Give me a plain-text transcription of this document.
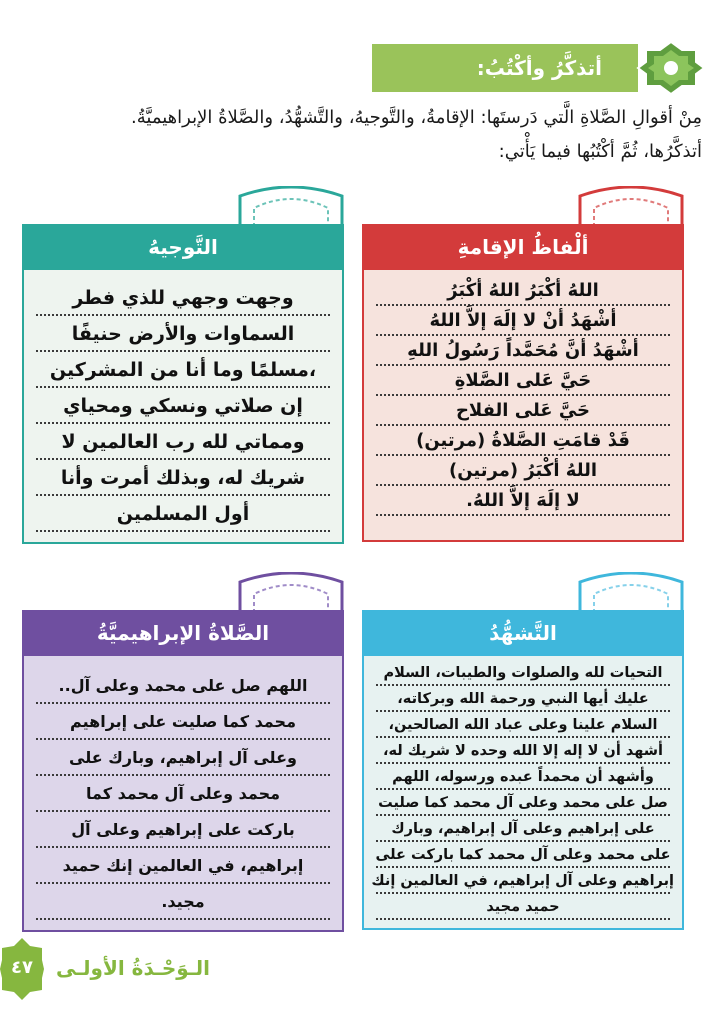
أتذكَّرُ وأكْتُبُ:
مِنْ أقوالِ الصَّلاةِ الَّتي دَرستَها: الإقامةُ، والتَّوجيهُ، والتَّشهُّدُ، والصَّلاةُ الإبراهيميَّةُ.
أتذكَّرُها، ثُمَّ أكْتُبُها فيما يَأْتي:
ألْفاظُ الإقامةِ
اللهُ أكْبَرُ اللهُ أكْبَرُ
أشْهَدُ أنْ لا إلَهَ إلاَّ اللهُ
أشْهَدُ أنَّ مُحَمَّداً رَسُولُ اللهِ
حَيَّ عَلى الصَّلاةِ
حَيَّ عَلى الفلاح
قَدْ قامَتِ الصَّلاةُ (مرتين)
اللهُ أكْبَرُ (مرتين)
لا إلَهَ إلاَّ اللهُ.
التَّوجيهُ
وجهت وجهي للذي فطر
السماوات والأرض حنيفًا
،مسلمًا وما أنا من المشركين
إن صلاتي ونسكي ومحياي
ومماتي لله رب العالمين لا
شريك له، وبذلك أمرت وأنا
أول المسلمين
التَّشهُّدُ
التحيات لله والصلوات والطيبات، السلام
عليك أيها النبي ورحمة الله وبركاته،
السلام علينا وعلى عباد الله الصالحين،
أشهد أن لا إله إلا الله وحده لا شريك له،
وأشهد أن محمداً عبده ورسوله، اللهم
صل على محمد وعلى آل محمد كما صليت
على إبراهيم وعلى آل إبراهيم، وبارك
على محمد وعلى آل محمد كما باركت على
إبراهيم وعلى آل إبراهيم، في العالمين إنك
حميد مجيد
الصَّلاةُ الإبراهيميَّةُ
اللهم صل على محمد وعلى آل..
محمد كما صليت على إبراهيم
وعلى آل إبراهيم، وبارك على
محمد وعلى آل محمد كما
باركت على إبراهيم وعلى آل
إبراهيم، في العالمين إنك حميد
مجيد.
٤٧	الـوَحْـدَةُ الأولـى
